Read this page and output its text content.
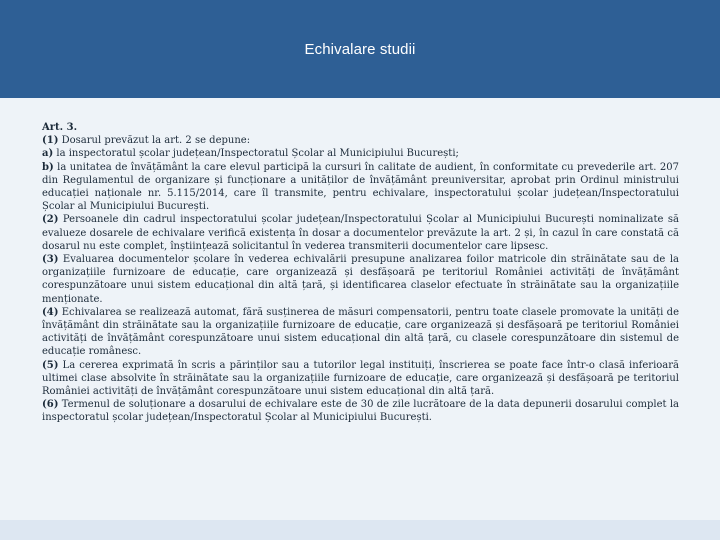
Echivalare studii

Art. 3.

(1) Dosarul prevăzut la art. 2 se depune:

a) la inspectoratul școlar județean/Inspectoratul Școlar al Municipiului București;

b) la unitatea de învățământ la care elevul participă la cursuri în calitate de audient, în conformitate cu prevederile art. 207 din Regulamentul de organizare și funcționare a unităților de învățământ preuniversitar, aprobat prin Ordinul ministrului educației naționale nr. 5.115/2014, care îl transmite, pentru echivalare, inspectoratului școlar județean/Inspectoratului Școlar al Municipiului București.

(2) Persoanele din cadrul inspectoratului școlar județean/Inspectoratului Școlar al Municipiului București nominalizate să evalueze dosarele de echivalare verifică existența în dosar a documentelor prevăzute la art. 2 și, în cazul în care constată că dosarul nu este complet, înștiințează solicitantul în vederea transmiterii documentelor care lipsesc.

(3) Evaluarea documentelor școlare în vederea echivalării presupune analizarea foilor matricole din străinătate sau de la organizațiile furnizoare de educație, care organizează și desfășoară pe teritoriul României activități de învățământ corespunzătoare unui sistem educațional din altă țară, și identificarea claselor efectuate în străinătate sau la organizațiile menționate.

(4) Echivalarea se realizează automat, fără susținerea de măsuri compensatorii, pentru toate clasele promovate la unități de învățământ din străinătate sau la organizațiile furnizoare de educație, care organizează și desfășoară pe teritoriul României activități de învățământ corespunzătoare unui sistem educațional din altă țară, cu clasele corespunzătoare din sistemul de educație românesc.

(5) La cererea exprimată în scris a părinților sau a tutorilor legal instituiți, înscrierea se poate face într-o clasă inferioară ultimei clase absolvite în străinătate sau la organizațiile furnizoare de educație, care organizează și desfășoară pe teritoriul României activități de învățământ corespunzătoare unui sistem educațional din altă țară.

(6) Termenul de soluționare a dosarului de echivalare este de 30 de zile lucrătoare de la data depunerii dosarului complet la inspectoratul școlar județean/Inspectoratul Școlar al Municipiului București.
